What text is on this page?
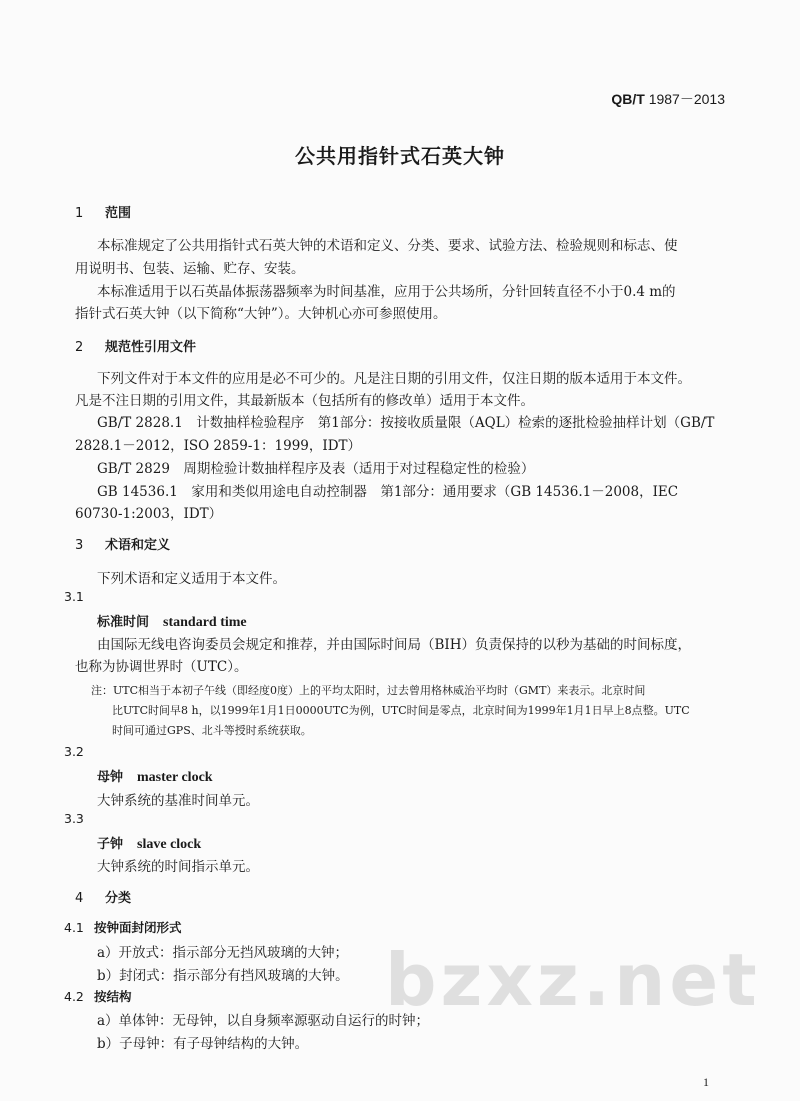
QB/T 1987－2013
公共用指针式石英大钟
1 范围
本标准规定了公共用指针式石英大钟的术语和定义、分类、要求、试验方法、检验规则和标志、使
用说明书、包装、运输、贮存、安装。
本标准适用于以石英晶体振荡器频率为时间基准，应用于公共场所，分针回转直径不小于0.4 m的
指针式石英大钟（以下简称“大钟”）。大钟机心亦可参照使用。
2 规范性引用文件
下列文件对于本文件的应用是必不可少的。凡是注日期的引用文件，仅注日期的版本适用于本文件。
凡是不注日期的引用文件，其最新版本（包括所有的修改单）适用于本文件。
GB/T 2828.1　计数抽样检验程序　第1部分：按接收质量限（AQL）检索的逐批检验抽样计划（GB/T
2828.1－2012，ISO 2859-1：1999，IDT）
GB/T 2829　周期检验计数抽样程序及表（适用于对过程稳定性的检验）
GB 14536.1　家用和类似用途电自动控制器　第1部分：通用要求（GB 14536.1－2008，IEC
60730-1:2003，IDT）
3 术语和定义
下列术语和定义适用于本文件。
3.1
标准时间 standard time
由国际无线电咨询委员会规定和推荐，并由国际时间局（BIH）负责保持的以秒为基础的时间标度，
也称为协调世界时（UTC）。
注：UTC相当于本初子午线（即经度0度）上的平均太阳时，过去曾用格林威治平均时（GMT）来表示。北京时间
比UTC时间早8 h，以1999年1月1日0000UTC为例，UTC时间是零点，北京时间为1999年1月1日早上8点整。UTC
时间可通过GPS、北斗等授时系统获取。
3.2
母钟 master clock
大钟系统的基准时间单元。
3.3
子钟 slave clock
大钟系统的时间指示单元。
4 分类
4.1 按钟面封闭形式
a）开放式：指示部分无挡风玻璃的大钟；
b）封闭式：指示部分有挡风玻璃的大钟。
4.2 按结构
a）单体钟：无母钟，以自身频率源驱动自运行的时钟；
b）子母钟：有子母钟结构的大钟。
bzxz.net
1
